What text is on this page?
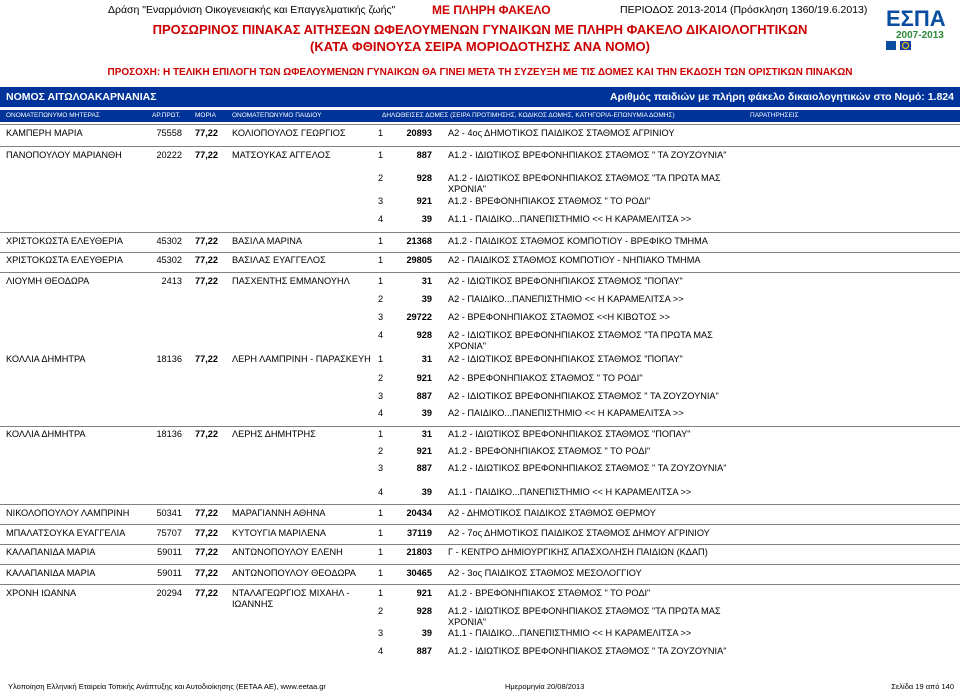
Δράση "Εναρμόνιση Οικογενειακής και Επαγγελματικής ζωής"	ΜΕ ΠΛΗΡΗ ΦΑΚΕΛΟ	ΠΕΡΙΟΔΟΣ 2013-2014 (Πρόσκληση 1360/19.6.2013) ΕΣΠΑ
2007-2013
ΠΡΟΣΩΡΙΝΟΣ ΠΙΝΑΚΑΣ ΑΙΤΗΣΕΩΝ ΩΦΕΛΟΥΜΕΝΩΝ ΓΥΝΑΙΚΩΝ ΜΕ ΠΛΗΡΗ ΦΑΚΕΛΟ ΔΙΚΑΙΟΛΟΓΗΤΙΚΩΝ
(ΚΑΤΑ ΦΘΙΝΟΥΣΑ ΣΕΙΡΑ ΜΟΡΙΟΔΟΤΗΣΗΣ ΑΝΑ ΝΟΜΟ)
ΠΡΟΣΟΧΗ: Η ΤΕΛΙΚΗ ΕΠΙΛΟΓΗ ΤΩΝ ΩΦΕΛΟΥΜΕΝΩΝ ΓΥΝΑΙΚΩΝ ΘΑ ΓΙΝΕΙ ΜΕΤΑ ΤΗ ΣΥΖΕΥΞΗ ΜΕ ΤΙΣ ΔΟΜΕΣ ΚΑΙ ΤΗΝ ΕΚΔΟΣΗ ΤΩΝ ΟΡΙΣΤΙΚΩΝ ΠΙΝΑΚΩΝ
ΝΟΜΟΣ ΑΙΤΩΛΟΑΚΑΡΝΑΝΙΑΣ	Αριθμός παιδιών με πλήρη φάκελο δικαιολογητικών στο Νομό: 1.824
ΟΝΟΜΑΤΕΠΩΝΥΜΟ ΜΗΤΕΡΑΣ	ΑΡ.ΠΡΩΤ. ΜΟΡΙΑ ΟΝΟΜΑΤΕΠΩΝΥΜΟ ΠΑΙΔΙΟΥ	ΔΗΛΩΘΕΙΣΕΣ ΔΟΜΕΣ (ΣΕΙΡΑ ΠΡΟΤΙΜΗΣΗΣ, ΚΩΔΙΚΟΣ ΔΟΜΗΣ, ΚΑΤΗΓΟΡΙΑ-ΕΠΩΝΥΜΙΑ ΔΟΜΗΣ)	ΠΑΡΑΤΗΡΗΣΕΙΣ
ΚΑΜΠΕΡΗ ΜΑΡΙΑ	75558 77,22 ΚΟΛΙΟΠΟΥΛΟΣ ΓΕΩΡΓΙΟΣ	1	20893 Α2 - 4ος ΔΗΜΟΤΙΚΟΣ ΠΑΙΔΙΚΟΣ ΣΤΑΘΜΟΣ ΑΓΡΙΝΙΟΥ
ΠΑΝΟΠΟΥΛΟΥ ΜΑΡΙΑΝΘΗ	20222 77,22 ΜΑΤΣΟΥΚΑΣ ΑΓΓΕΛΟΣ	1	887 Α1.2 - ΙΔΙΩΤΙΚΟΣ ΒΡΕΦΟΝΗΠΙΑΚΟΣ ΣΤΑΘΜΟΣ " ΤΑ ΖΟΥΖΟΥΝΙΑ"
2	928 Α1.2 - ΙΔΙΩΤΙΚΟΣ ΒΡΕΦΟΝΗΠΙΑΚΟΣ ΣΤΑΘΜΟΣ "ΤΑ ΠΡΩΤΑ ΜΑΣ ΧΡΟΝΙΑ"
3	921 Α1.2 - ΒΡΕΦΟΝΗΠΙΑΚΟΣ ΣΤΑΘΜΟΣ " ΤΟ ΡΟΔΙ"
4	39 Α1.1 - ΠΑΙΔΙΚΟ...ΠΑΝΕΠΙΣΤΗΜΙΟ << Η ΚΑΡΑΜΕΛΙΤΣΑ >>
ΧΡΙΣΤΟΚΩΣΤΑ ΕΛΕΥΘΕΡΙΑ	45302 77,22 ΒΑΣΙΛΑ ΜΑΡΙΝΑ	1	21368 Α1.2 - ΠΑΙΔΙΚΟΣ ΣΤΑΘΜΟΣ ΚΟΜΠΟΤΙΟΥ - ΒΡΕΦΙΚΟ ΤΜΗΜΑ
ΧΡΙΣΤΟΚΩΣΤΑ ΕΛΕΥΘΕΡΙΑ	45302 77,22 ΒΑΣΙΛΑΣ ΕΥΑΓΓΕΛΟΣ	1	29805 Α2 - ΠΑΙΔΙΚΟΣ ΣΤΑΘΜΟΣ ΚΟΜΠΟΤΙΟΥ - ΝΗΠΙΑΚΟ ΤΜΗΜΑ
ΛΙΟΥΜΗ ΘΕΟΔΩΡΑ	2413 77,22 ΠΑΣΧΕΝΤΗΣ ΕΜΜΑΝΟΥΗΛ	1	31 Α2 - ΙΔΙΩΤΙΚΟΣ ΒΡΕΦΟΝΗΠΙΑΚΟΣ ΣΤΑΘΜΟΣ "ΠΟΠΑΥ"
2	39 Α2 - ΠΑΙΔΙΚΟ...ΠΑΝΕΠΙΣΤΗΜΙΟ << Η ΚΑΡΑΜΕΛΙΤΣΑ >>
3	29722 Α2 - ΒΡΕΦΟΝΗΠΙΑΚΟΣ ΣΤΑΘΜΟΣ <<Η ΚΙΒΩΤΟΣ >>
4	928 Α2 - ΙΔΙΩΤΙΚΟΣ ΒΡΕΦΟΝΗΠΙΑΚΟΣ ΣΤΑΘΜΟΣ "ΤΑ ΠΡΩΤΑ ΜΑΣ ΧΡΟΝΙΑ"
ΚΟΛΛΙΑ ΔΗΜΗΤΡΑ	18136 77,22 ΛΕΡΗ ΛΑΜΠΡΙΝΗ - ΠΑΡΑΣΚΕΥΗ 1	31 Α2 - ΙΔΙΩΤΙΚΟΣ ΒΡΕΦΟΝΗΠΙΑΚΟΣ ΣΤΑΘΜΟΣ "ΠΟΠΑΥ"
2	921 Α2 - ΒΡΕΦΟΝΗΠΙΑΚΟΣ ΣΤΑΘΜΟΣ " ΤΟ ΡΟΔΙ"
3	887 Α2 - ΙΔΙΩΤΙΚΟΣ ΒΡΕΦΟΝΗΠΙΑΚΟΣ ΣΤΑΘΜΟΣ " ΤΑ ΖΟΥΖΟΥΝΙΑ"
4	39 Α2 - ΠΑΙΔΙΚΟ...ΠΑΝΕΠΙΣΤΗΜΙΟ << Η ΚΑΡΑΜΕΛΙΤΣΑ >>
ΚΟΛΛΙΑ ΔΗΜΗΤΡΑ	18136 77,22 ΛΕΡΗΣ ΔΗΜΗΤΡΗΣ	1	31 Α1.2 - ΙΔΙΩΤΙΚΟΣ ΒΡΕΦΟΝΗΠΙΑΚΟΣ ΣΤΑΘΜΟΣ "ΠΟΠΑΥ"
2	921 Α1.2 - ΒΡΕΦΟΝΗΠΙΑΚΟΣ ΣΤΑΘΜΟΣ " ΤΟ ΡΟΔΙ"
3	887 Α1.2 - ΙΔΙΩΤΙΚΟΣ ΒΡΕΦΟΝΗΠΙΑΚΟΣ ΣΤΑΘΜΟΣ " ΤΑ ΖΟΥΖΟΥΝΙΑ"
4	39 Α1.1 - ΠΑΙΔΙΚΟ...ΠΑΝΕΠΙΣΤΗΜΙΟ << Η ΚΑΡΑΜΕΛΙΤΣΑ >>
ΝΙΚΟΛΟΠΟΥΛΟΥ ΛΑΜΠΡΙΝΗ	50341 77,22 ΜΑΡΑΓΙΑΝΝΗ ΑΘΗΝΑ	1	20434 Α2 - ΔΗΜΟΤΙΚΟΣ ΠΑΙΔΙΚΟΣ ΣΤΑΘΜΟΣ ΘΕΡΜΟΥ
ΜΠΑΛΑΤΣΟΥΚΑ ΕΥΑΓΓΕΛΙΑ	75707 77,22 ΚΥΤΟΥΓΙΑ ΜΑΡΙΛΕΝΑ	1	37119 Α2 - 7ος ΔΗΜΟΤΙΚΟΣ ΠΑΙΔΙΚΟΣ ΣΤΑΘΜΟΣ ΔΗΜΟΥ ΑΓΡΙΝΙΟΥ
ΚΑΛΑΠΑΝΙΔΑ ΜΑΡΙΑ	59011 77,22 ΑΝΤΩΝΟΠΟΥΛΟΥ ΕΛΕΝΗ	1	21803 Γ - ΚΕΝΤΡΟ ΔΗΜΙΟΥΡΓΙΚΗΣ ΑΠΑΣΧΟΛΗΣΗ ΠΑΙΔΙΩΝ (ΚΔΑΠ)
ΚΑΛΑΠΑΝΙΔΑ ΜΑΡΙΑ	59011 77,22 ΑΝΤΩΝΟΠΟΥΛΟΥ ΘΕΟΔΩΡΑ	1	30465 Α2 - 3ος ΠΑΙΔΙΚΟΣ ΣΤΑΘΜΟΣ ΜΕΣΟΛΟΓΓΙΟΥ
ΧΡΟΝΗ ΙΩΑΝΝΑ	20294 77,22 ΝΤΑΛΑΓΕΩΡΓΙΟΣ ΜΙΧΑΗΛ - ΙΩΑΝΝΗΣ
1	921 Α1.2 - ΒΡΕΦΟΝΗΠΙΑΚΟΣ ΣΤΑΘΜΟΣ " ΤΟ ΡΟΔΙ"
2	928 Α1.2 - ΙΔΙΩΤΙΚΟΣ ΒΡΕΦΟΝΗΠΙΑΚΟΣ ΣΤΑΘΜΟΣ "ΤΑ ΠΡΩΤΑ ΜΑΣ ΧΡΟΝΙΑ"
3	39 Α1.1 - ΠΑΙΔΙΚΟ...ΠΑΝΕΠΙΣΤΗΜΙΟ << Η ΚΑΡΑΜΕΛΙΤΣΑ >>
4	887 Α1.2 - ΙΔΙΩΤΙΚΟΣ ΒΡΕΦΟΝΗΠΙΑΚΟΣ ΣΤΑΘΜΟΣ " ΤΑ ΖΟΥΖΟΥΝΙΑ"
Υλοποίηση Ελληνική Εταιρεία Τοπικής Ανάπτυξης και Αυτοδιοίκησης (ΕΕΤΑΑ ΑΕ), www.eetaa.gr	Ημερομηνία 20/08/2013	Σελίδα 19 από 140
